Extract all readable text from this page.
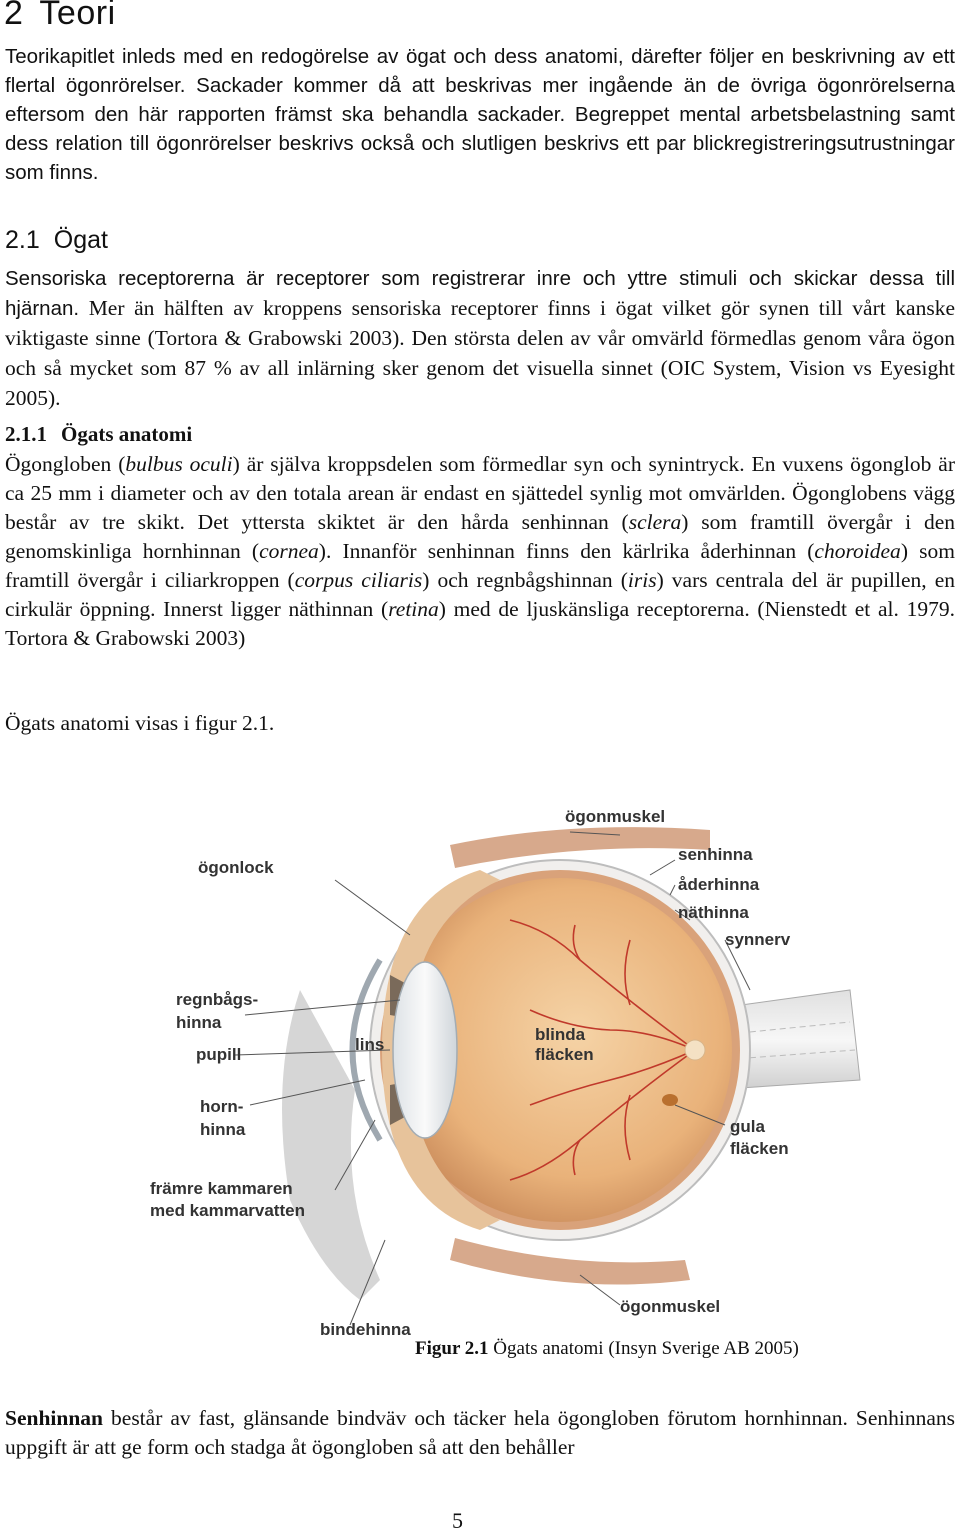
2 Teori

Teorikapitlet inleds med en redogörelse av ögat och dess anatomi, därefter följer en beskrivning av ett flertal ögonrörelser. Sackader kommer då att beskrivas mer ingående än de övriga ögonrörelserna eftersom den här rapporten främst ska behandla sackader. Begreppet mental arbetsbelastning samt dess relation till ögonrörelser beskrivs också och slutligen beskrivs ett par blickregistreringsutrustningar som finns.

2.1 Ögat

Sensoriska receptorerna är receptorer som registrerar inre och yttre stimuli och skickar dessa till hjärnan. Mer än hälften av kroppens sensoriska receptorer finns i ögat vilket gör synen till vårt kanske viktigaste sinne (Tortora & Grabowski 2003). Den största delen av vår omvärld förmedlas genom våra ögon och så mycket som 87 % av all inlärning sker genom det visuella sinnet (OIC System, Vision vs Eyesight 2005).

2.1.1 Ögats anatomi

Ögongloben (bulbus oculi) är själva kroppsdelen som förmedlar syn och synintryck. En vuxens ögonglob är ca 25 mm i diameter och av den totala arean är endast en sjättedel synlig mot omvärlden. Ögonglobens vägg består av tre skikt. Det yttersta skiktet är den hårda senhinnan (sclera) som framtill övergår i den genomskinliga hornhinnan (cornea). Innanför senhinnan finns den kärlrika åderhinnan (choroidea) som framtill övergår i ciliarkroppen (corpus ciliaris) och regnbågshinnan (iris) vars centrala del är pupillen, en cirkulär öppning. Innerst ligger näthinnan (retina) med de ljuskänsliga receptorerna. (Nienstedt et al. 1979. Tortora & Grabowski 2003)

Ögats anatomi visas i figur 2.1.

ögonmuskel
senhinna
åderhinna
näthinna
ögonlock
synnerv
regnbågs-
hinna
lins
blinda
fläcken
pupill
horn-
hinna	gula
fläcken
främre kammaren
med kammarvatten
ögonmuskel
bindehinna
Figur 2.1 Ögats anatomi (Insyn Sverige AB 2005)

Senhinnan består av fast, glänsande bindväv och täcker hela ögongloben förutom hornhinnan. Senhinnans uppgift är att ge form och stadga åt ögongloben så att den behåller

5
